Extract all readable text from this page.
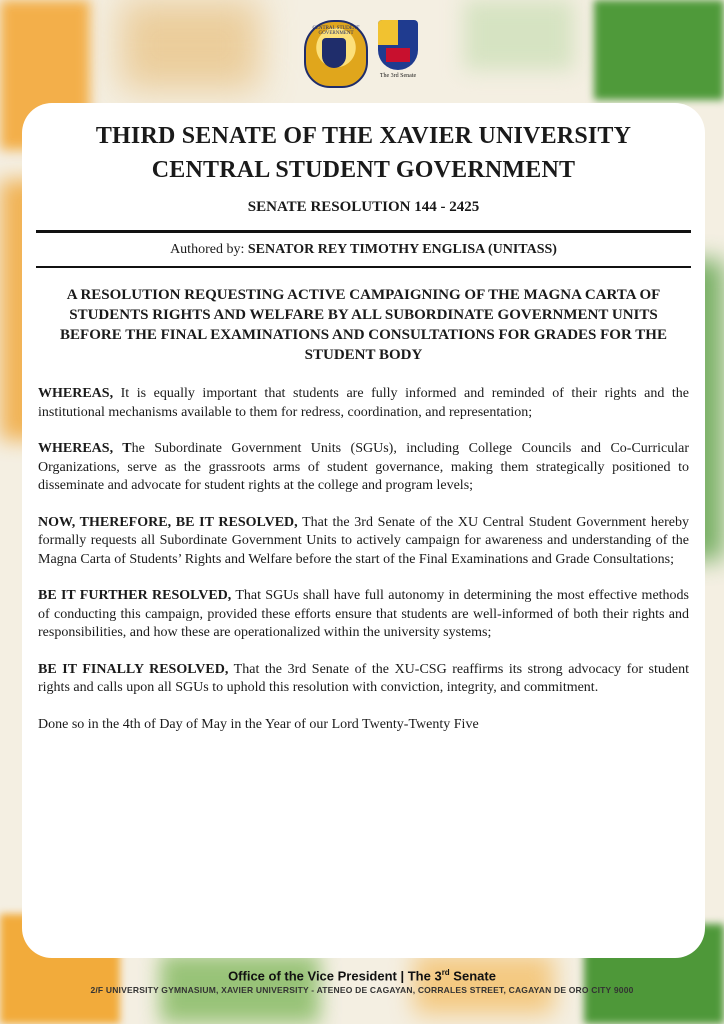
CENTRAL STUDENT GOVERNMENT
The 3rd Senate
THIRD SENATE OF THE XAVIER UNIVERSITY
CENTRAL STUDENT GOVERNMENT
SENATE RESOLUTION 144 - 2425
Authored by: SENATOR REY TIMOTHY ENGLISA (UNITASS)
A RESOLUTION REQUESTING ACTIVE CAMPAIGNING OF THE MAGNA CARTA OF STUDENTS RIGHTS AND WELFARE BY ALL SUBORDINATE GOVERNMENT UNITS BEFORE THE FINAL EXAMINATIONS AND CONSULTATIONS FOR GRADES FOR THE STUDENT BODY

WHEREAS, It is equally important that students are fully informed and reminded of their rights and the institutional mechanisms available to them for redress, coordination, and representation;

WHEREAS, The Subordinate Government Units (SGUs), including College Councils and Co-Curricular Organizations, serve as the grassroots arms of student governance, making them strategically positioned to disseminate and advocate for student rights at the college and program levels;

NOW, THEREFORE, BE IT RESOLVED, That the 3rd Senate of the XU Central Student Government hereby formally requests all Subordinate Government Units to actively campaign for awareness and understanding of the Magna Carta of Students’ Rights and Welfare before the start of the Final Examinations and Grade Consultations;

BE IT FURTHER RESOLVED, That SGUs shall have full autonomy in determining the most effective methods of conducting this campaign, provided these efforts ensure that students are well-informed of both their rights and responsibilities, and how these are operationalized within the university systems;

BE IT FINALLY RESOLVED, That the 3rd Senate of the XU-CSG reaffirms its strong advocacy for student rights and calls upon all SGUs to uphold this resolution with conviction, integrity, and commitment.

Done so in the 4th of Day of May in the Year of our Lord Twenty-Twenty Five
Office of the Vice President | The 3rd Senate
2/F UNIVERSITY GYMNASIUM, XAVIER UNIVERSITY - ATENEO DE CAGAYAN, CORRALES STREET, CAGAYAN DE ORO CITY 9000
